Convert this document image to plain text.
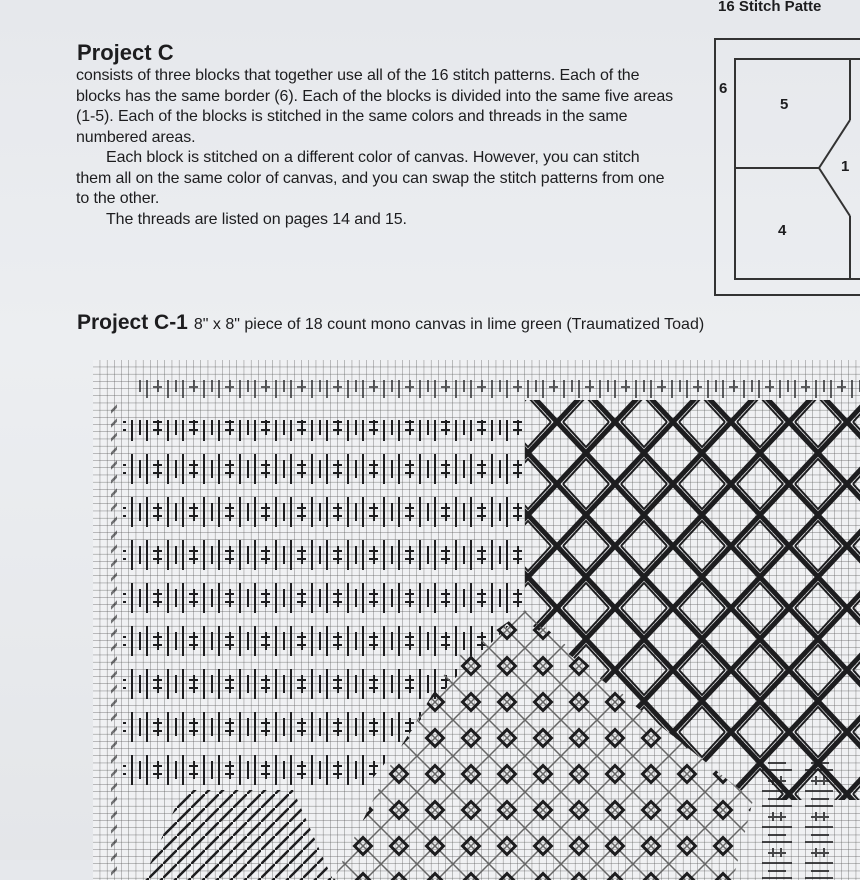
16 Stitch Patte
Project C

consists of three blocks that together use all of the 16 stitch patterns. Each of the blocks has the same border (6). Each of the blocks is divided into the same five areas (1-5). Each of the blocks is stitched in the same colors and threads in the same numbered areas.

Each block is stitched on a different color of canvas. However, you can stitch them all on the same color of canvas, and you can swap the stitch patterns from one to the other.

The threads are listed on pages 14 and 15.

6
5
1
4
Project C-1 8" x 8" piece of 18 count mono canvas in lime green (Traumatized Toad)
